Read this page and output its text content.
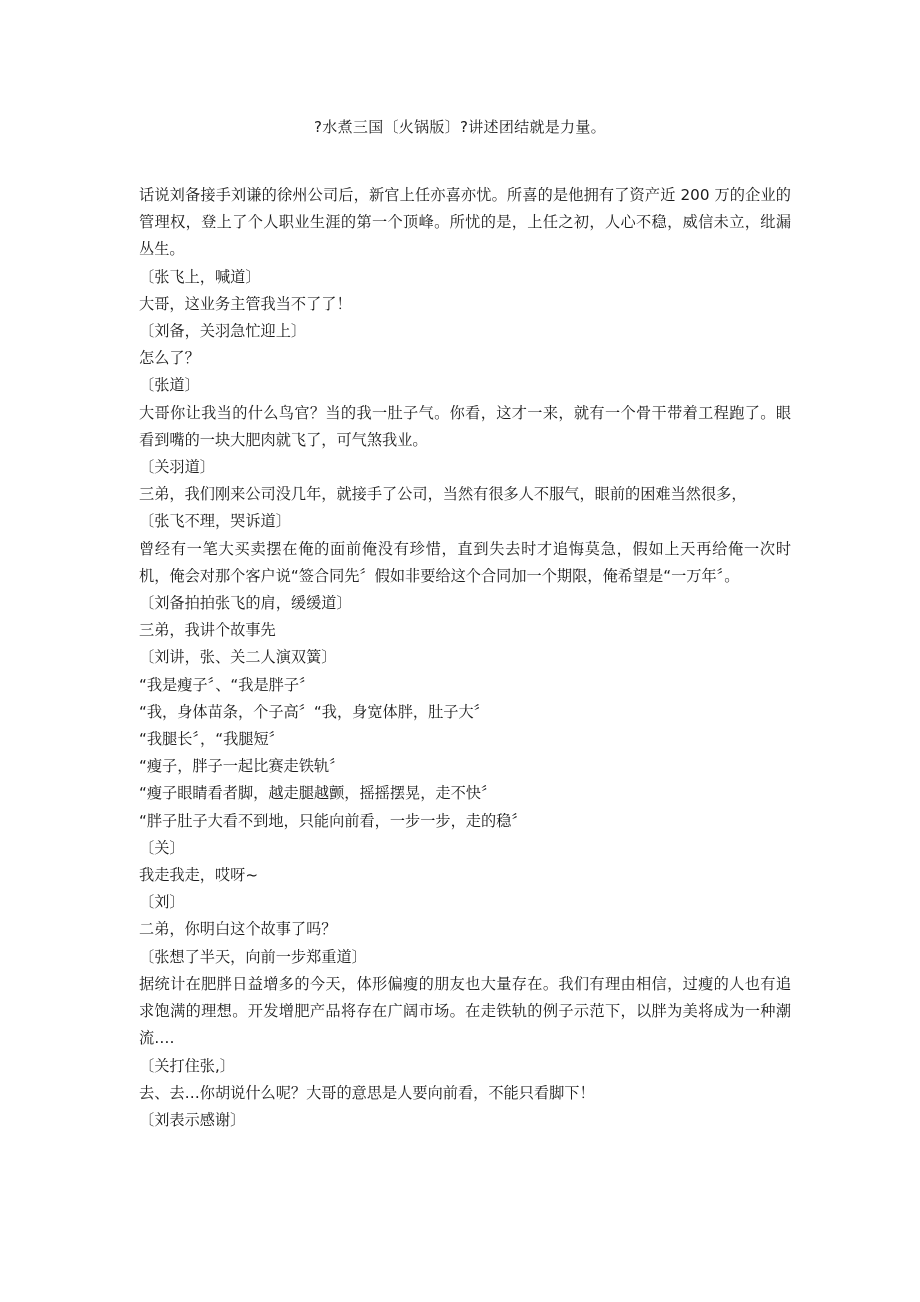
?水煮三国〔火锅版〕?讲述团结就是力量。

话说刘备接手刘谦的徐州公司后，新官上任亦喜亦忧。所喜的是他拥有了资产近 200 万的企业的管理权，登上了个人职业生涯的第一个顶峰。所忧的是，上任之初，人心不稳，威信未立，纰漏丛生。

〔张飞上，喊道〕

大哥，这业务主管我当不了了！

〔刘备，关羽急忙迎上〕

怎么了？

〔张道〕

大哥你让我当的什么鸟官？当的我一肚子气。你看，这才一来，就有一个骨干带着工程跑了。眼看到嘴的一块大肥肉就飞了，可气煞我业。

〔关羽道〕

三弟，我们刚来公司没几年，就接手了公司，当然有很多人不服气，眼前的困难当然很多，

〔张飞不理，哭诉道〕

曾经有一笔大买卖摆在俺的面前俺没有珍惜，直到失去时才追悔莫急，假如上天再给俺一次时机，俺会对那个客户说“签合同先〞假如非要给这个合同加一个期限，俺希望是“一万年〞。

〔刘备拍拍张飞的肩，缓缓道〕

三弟，我讲个故事先

〔刘讲，张、关二人演双簧〕

“我是瘦子〞、“我是胖子〞

“我，身体苗条，个子高〞“我，身宽体胖，肚子大〞

“我腿长〞，“我腿短〞

“瘦子，胖子一起比赛走铁轨〞

“瘦子眼睛看者脚，越走腿越颤，摇摇摆晃，走不快〞

“胖子肚子大看不到地，只能向前看，一步一步，走的稳〞

〔关〕

我走我走，哎呀~

〔刘〕

二弟，你明白这个故事了吗？

〔张想了半天，向前一步郑重道〕

据统计在肥胖日益增多的今天，体形偏瘦的朋友也大量存在。我们有理由相信，过瘦的人也有追求饱满的理想。开发增肥产品将存在广阔市场。在走铁轨的例子示范下，以胖为美将成为一种潮流‥‥

〔关打住张,〕

去、去…你胡说什么呢？大哥的意思是人要向前看，不能只看脚下！

〔刘表示感谢〕
